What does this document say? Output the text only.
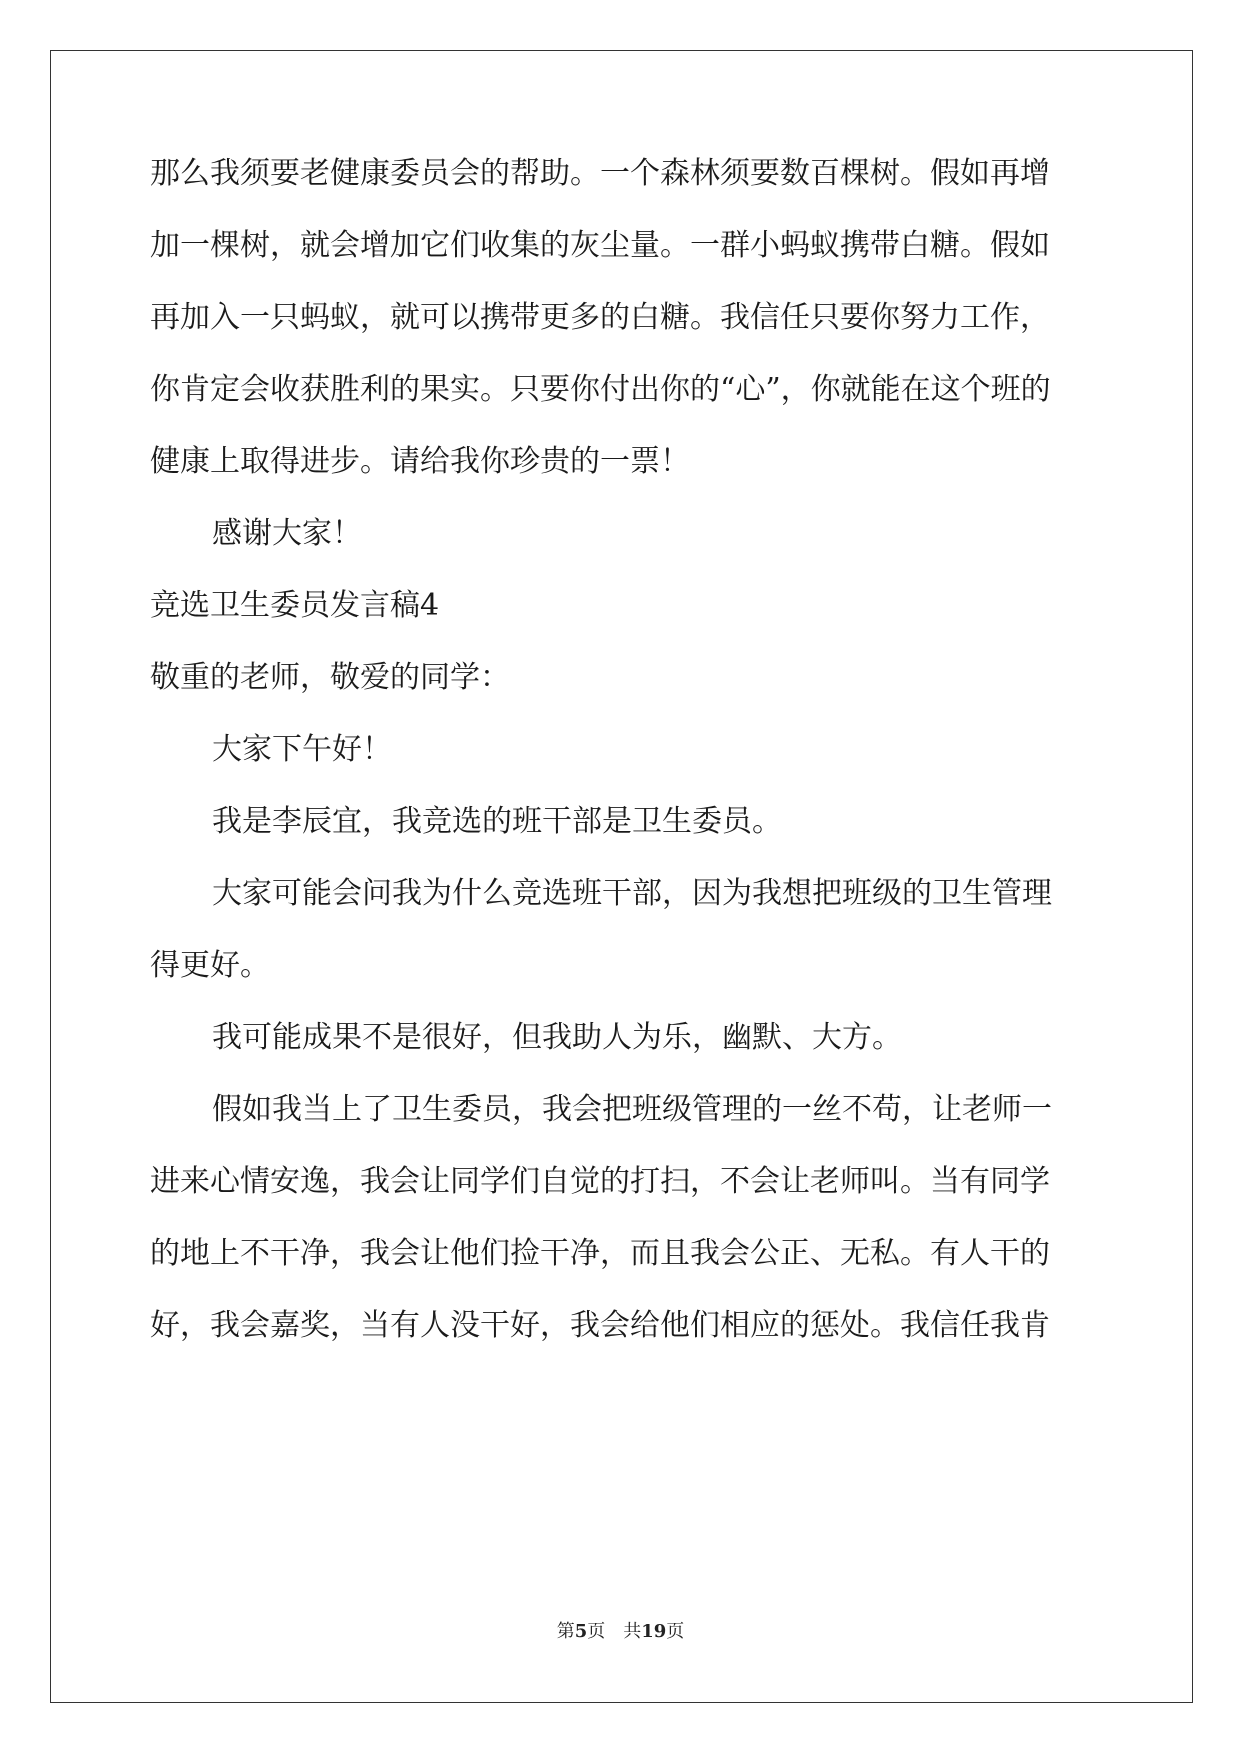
那么我须要老健康委员会的帮助。一个森林须要数百棵树。假如再增
加一棵树，就会增加它们收集的灰尘量。一群小蚂蚁携带白糖。假如
再加入一只蚂蚁，就可以携带更多的白糖。我信任只要你努力工作，
你肯定会收获胜利的果实。只要你付出你的“心”，你就能在这个班的
健康上取得进步。请给我你珍贵的一票！
感谢大家！
竞选卫生委员发言稿4
敬重的老师，敬爱的同学：
大家下午好！
我是李辰宜，我竞选的班干部是卫生委员。
大家可能会问我为什么竞选班干部，因为我想把班级的卫生管理
得更好。
我可能成果不是很好，但我助人为乐，幽默、大方。
假如我当上了卫生委员，我会把班级管理的一丝不苟，让老师一
进来心情安逸，我会让同学们自觉的打扫，不会让老师叫。当有同学
的地上不干净，我会让他们捡干净，而且我会公正、无私。有人干的
好，我会嘉奖，当有人没干好，我会给他们相应的惩处。我信任我肯
第5页 共19页
